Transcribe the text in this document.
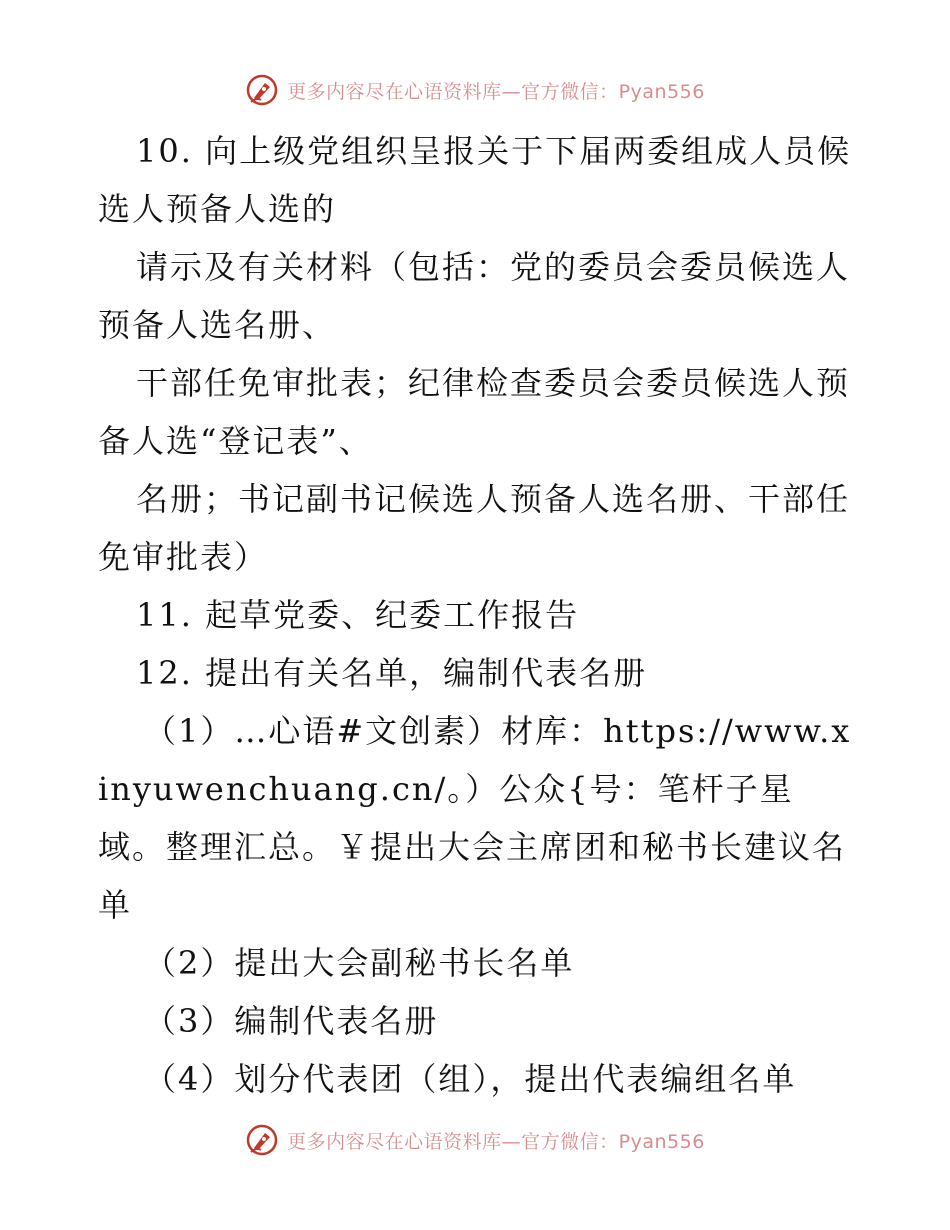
更多内容尽在心语资料库—官方微信：Pyan556

10. 向上级党组织呈报关于下届两委组成人员候选人预备人选的

请示及有关材料（包括：党的委员会委员候选人预备人选名册、

干部任免审批表；纪律检查委员会委员候选人预备人选“登记表”、

名册；书记副书记候选人预备人选名册、干部任免审批表）

11. 起草党委、纪委工作报告

12. 提出有关名单，编制代表名册

（1）…心语#文创素）材库：https://www.xinyuwenchuang.cn/。）公众{号：笔杆子星域。整理汇总。￥提出大会主席团和秘书长建议名单

（2）提出大会副秘书长名单

（3）编制代表名册

（4）划分代表团（组），提出代表编组名单

更多内容尽在心语资料库—官方微信：Pyan556
